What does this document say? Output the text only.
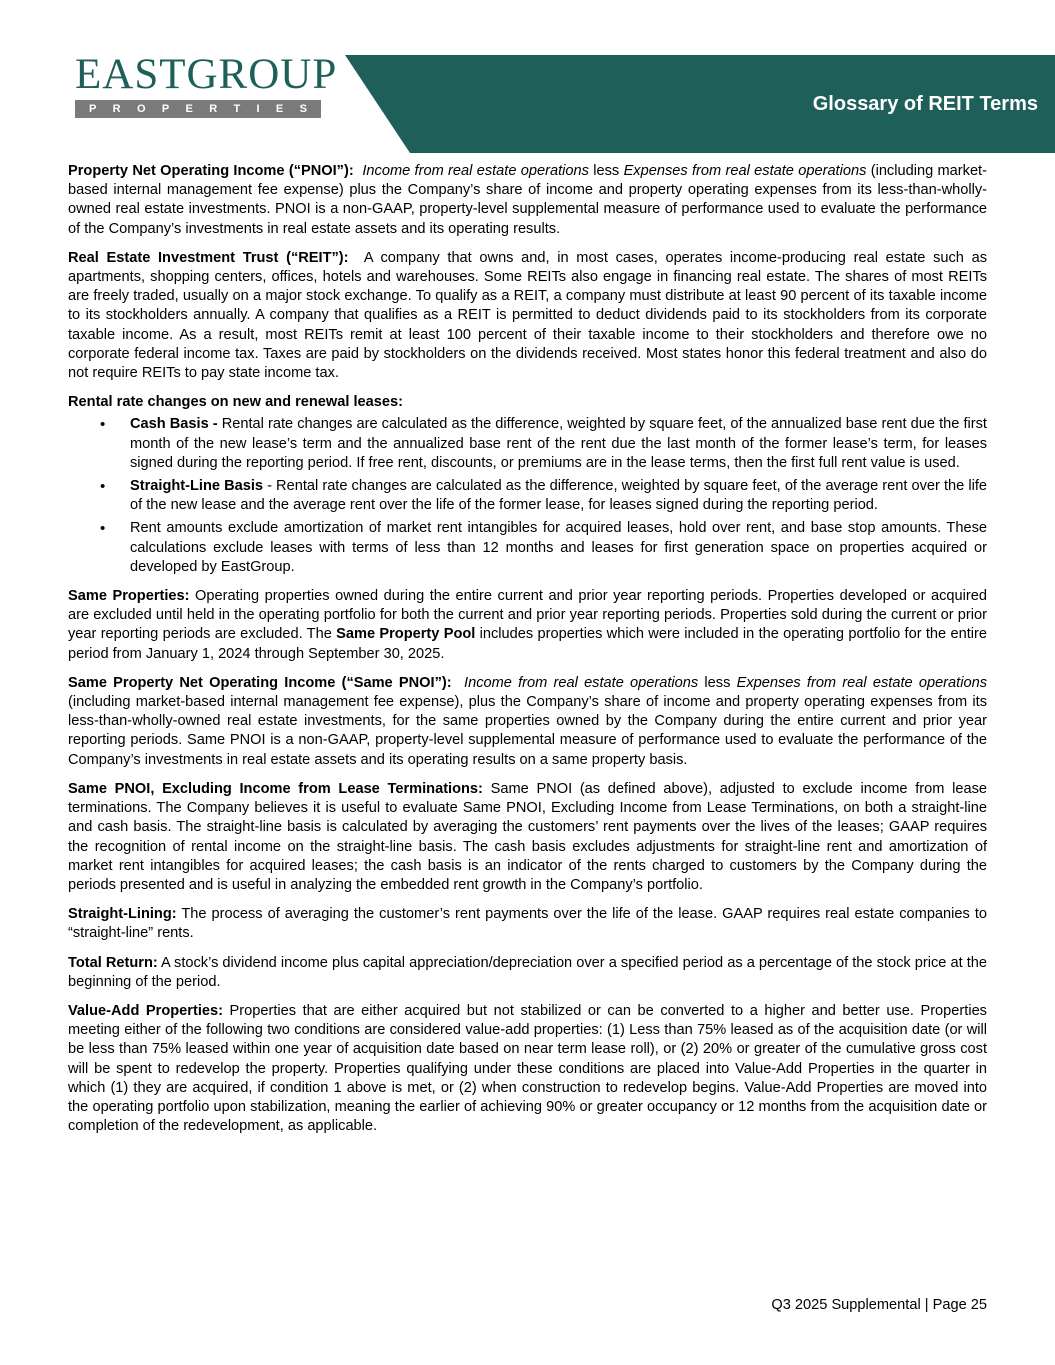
EASTGROUP
P R O P E R T I E S	Glossary of REIT Terms

Property Net Operating Income (“PNOI”): Income from real estate operations less Expenses from real estate operations (including market-based internal management fee expense) plus the Company’s share of income and property operating expenses from its less-than-wholly-owned real estate investments. PNOI is a non-GAAP, property-level supplemental measure of performance used to evaluate the performance of the Company’s investments in real estate assets and its operating results.

Real Estate Investment Trust (“REIT”): A company that owns and, in most cases, operates income-producing real estate such as apartments, shopping centers, offices, hotels and warehouses. Some REITs also engage in financing real estate. The shares of most REITs are freely traded, usually on a major stock exchange. To qualify as a REIT, a company must distribute at least 90 percent of its taxable income to its stockholders annually. A company that qualifies as a REIT is permitted to deduct dividends paid to its stockholders from its corporate taxable income. As a result, most REITs remit at least 100 percent of their taxable income to their stockholders and therefore owe no corporate federal income tax. Taxes are paid by stockholders on the dividends received. Most states honor this federal treatment and also do not require REITs to pay state income tax.

Rental rate changes on new and renewal leases:

• Cash Basis - Rental rate changes are calculated as the difference, weighted by square feet, of the annualized base rent due the first month of the new lease’s term and the annualized base rent of the rent due the last month of the former lease’s term, for leases signed during the reporting period. If free rent, discounts, or premiums are in the lease terms, then the first full rent value is used.
• Straight-Line Basis - Rental rate changes are calculated as the difference, weighted by square feet, of the average rent over the life of the new lease and the average rent over the life of the former lease, for leases signed during the reporting period.
• Rent amounts exclude amortization of market rent intangibles for acquired leases, hold over rent, and base stop amounts. These calculations exclude leases with terms of less than 12 months and leases for first generation space on properties acquired or developed by EastGroup.

Same Properties: Operating properties owned during the entire current and prior year reporting periods. Properties developed or acquired are excluded until held in the operating portfolio for both the current and prior year reporting periods. Properties sold during the current or prior year reporting periods are excluded. The Same Property Pool includes properties which were included in the operating portfolio for the entire period from January 1, 2024 through September 30, 2025.

Same Property Net Operating Income (“Same PNOI”): Income from real estate operations less Expenses from real estate operations (including market-based internal management fee expense), plus the Company’s share of income and property operating expenses from its less-than-wholly-owned real estate investments, for the same properties owned by the Company during the entire current and prior year reporting periods. Same PNOI is a non-GAAP, property-level supplemental measure of performance used to evaluate the performance of the Company’s investments in real estate assets and its operating results on a same property basis.

Same PNOI, Excluding Income from Lease Terminations: Same PNOI (as defined above), adjusted to exclude income from lease terminations. The Company believes it is useful to evaluate Same PNOI, Excluding Income from Lease Terminations, on both a straight-line and cash basis. The straight-line basis is calculated by averaging the customers’ rent payments over the lives of the leases; GAAP requires the recognition of rental income on the straight-line basis. The cash basis excludes adjustments for straight-line rent and amortization of market rent intangibles for acquired leases; the cash basis is an indicator of the rents charged to customers by the Company during the periods presented and is useful in analyzing the embedded rent growth in the Company’s portfolio.

Straight-Lining: The process of averaging the customer’s rent payments over the life of the lease. GAAP requires real estate companies to “straight-line” rents.

Total Return: A stock’s dividend income plus capital appreciation/depreciation over a specified period as a percentage of the stock price at the beginning of the period.

Value-Add Properties: Properties that are either acquired but not stabilized or can be converted to a higher and better use. Properties meeting either of the following two conditions are considered value-add properties: (1) Less than 75% leased as of the acquisition date (or will be less than 75% leased within one year of acquisition date based on near term lease roll), or (2) 20% or greater of the cumulative gross cost will be spent to redevelop the property. Properties qualifying under these conditions are placed into Value-Add Properties in the quarter in which (1) they are acquired, if condition 1 above is met, or (2) when construction to redevelop begins. Value-Add Properties are moved into the operating portfolio upon stabilization, meaning the earlier of achieving 90% or greater occupancy or 12 months from the acquisition date or completion of the redevelopment, as applicable.

Q3 2025 Supplemental | Page 25
